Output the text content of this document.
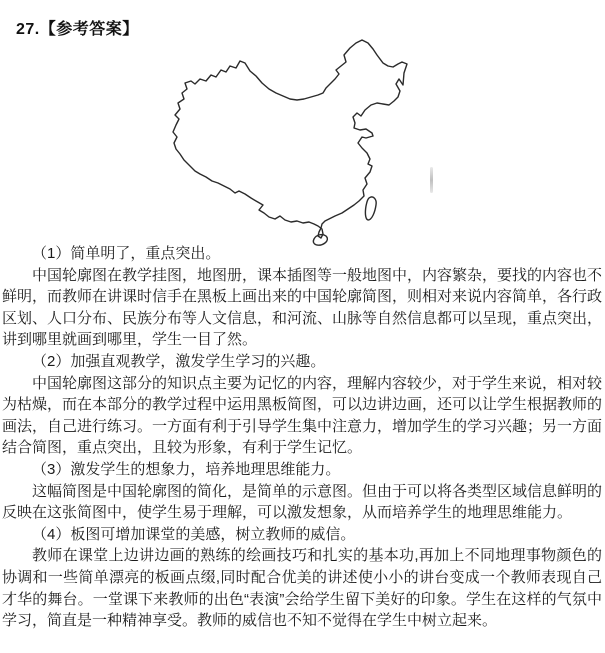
27.【参考答案】

（1）简单明了，重点突出。

中国轮廓图在教学挂图，地图册，课本插图等一般地图中，内容繁杂，要找的内容也不鲜明，而教师在讲课时信手在黑板上画出来的中国轮廓简图，则相对来说内容简单，各行政区划、人口分布、民族分布等人文信息，和河流、山脉等自然信息都可以呈现，重点突出，讲到哪里就画到哪里，学生一目了然。

（2）加强直观教学，激发学生学习的兴趣。

中国轮廓图这部分的知识点主要为记忆的内容，理解内容较少，对于学生来说，相对较为枯燥，而在本部分的教学过程中运用黑板简图，可以边讲边画，还可以让学生根据教师的画法，自己进行练习。一方面有利于引导学生集中注意力，增加学生的学习兴趣；另一方面结合简图，重点突出，且较为形象，有利于学生记忆。

（3）激发学生的想象力，培养地理思维能力。

这幅简图是中国轮廓图的简化，是简单的示意图。但由于可以将各类型区域信息鲜明的反映在这张简图中，使学生易于理解，可以激发想象，从而培养学生的地理思维能力。

（4）板图可增加课堂的美感，树立教师的威信。

教师在课堂上边讲边画的熟练的绘画技巧和扎实的基本功,再加上不同地理事物颜色的协调和一些简单漂亮的板画点缀,同时配合优美的讲述使小小的讲台变成一个教师表现自己才华的舞台。一堂课下来教师的出色“表演”会给学生留下美好的印象。学生在这样的气氛中学习，简直是一种精神享受。教师的威信也不知不觉得在学生中树立起来。
